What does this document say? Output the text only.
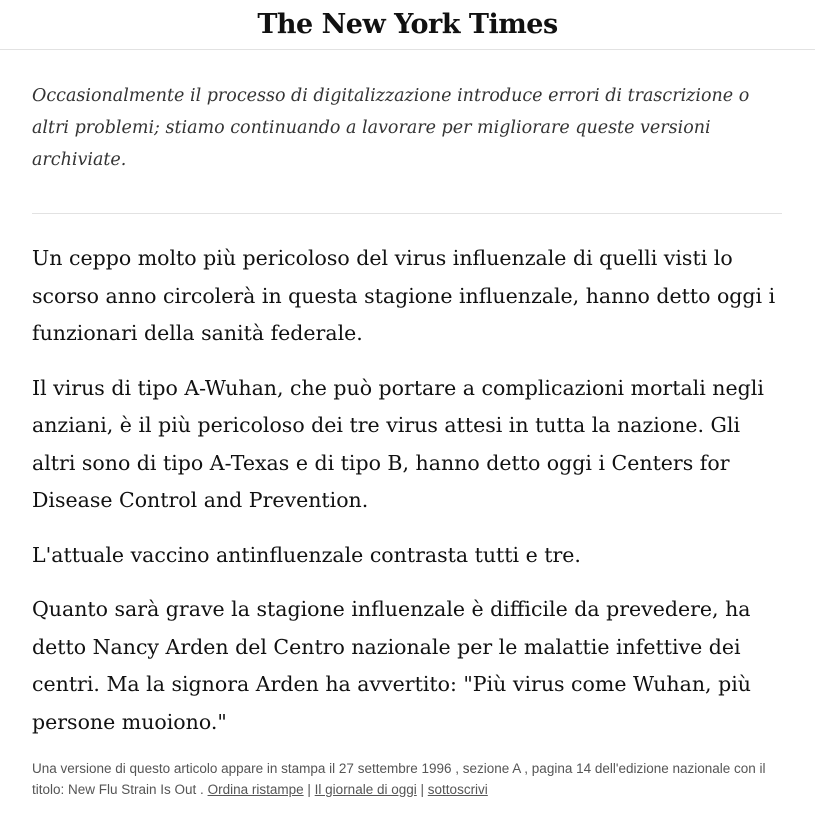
The New York Times
Occasionalmente il processo di digitalizzazione introduce errori di trascrizione o altri problemi; stiamo continuando a lavorare per migliorare queste versioni archiviate.

Un ceppo molto più pericoloso del virus influenzale di quelli visti lo scorso anno circolerà in questa stagione influenzale, hanno detto oggi i funzionari della sanità federale.

Il virus di tipo A-Wuhan, che può portare a complicazioni mortali negli anziani, è il più pericoloso dei tre virus attesi in tutta la nazione. Gli altri sono di tipo A-Texas e di tipo B, hanno detto oggi i Centers for Disease Control and Prevention.

L'attuale vaccino antinfluenzale contrasta tutti e tre.

Quanto sarà grave la stagione influenzale è difficile da prevedere, ha detto Nancy Arden del Centro nazionale per le malattie infettive dei centri. Ma la signora Arden ha avvertito: "Più virus come Wuhan, più persone muoiono."

Una versione di questo articolo appare in stampa il 27 settembre 1996 , sezione A , pagina 14 dell'edizione nazionale con il titolo: New Flu Strain Is Out . Ordina ristampe | Il giornale di oggi | sottoscrivi
